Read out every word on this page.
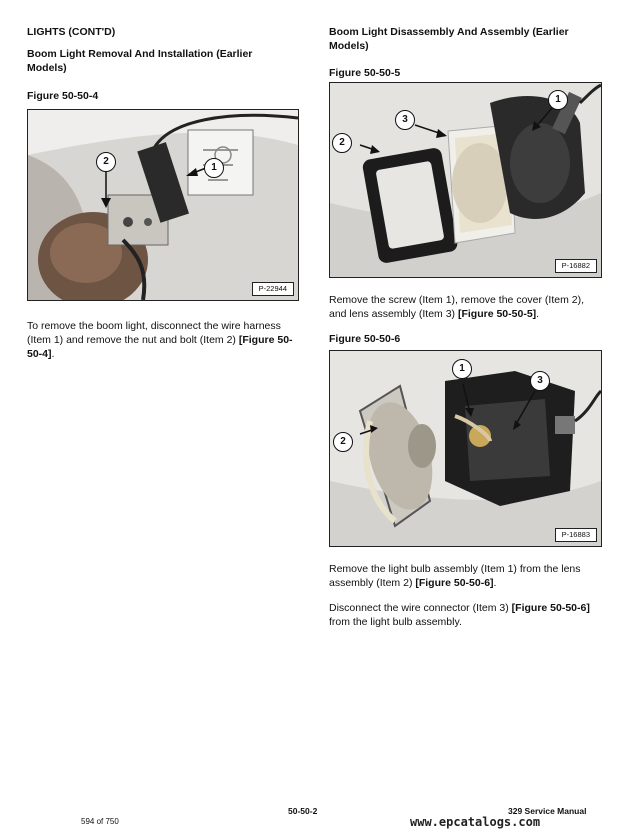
LIGHTS (CONT'D)
Boom Light Removal And Installation (Earlier
Models)
Figure 50-50-4
1
2
P-22944
To remove the boom light, disconnect the wire harness
(Item 1) and remove the nut and bolt (Item 2) [Figure 50-
50-4].
Boom Light Disassembly And Assembly (Earlier
Models)
Figure 50-50-5
1
2
3
P-16882
Remove the screw (Item 1), remove the cover (Item 2),
and lens assembly (Item 3) [Figure 50-50-5].
Figure 50-50-6
1
2
3
P-16883
Remove the light bulb assembly (Item 1) from the lens
assembly (Item 2) [Figure 50-50-6].
Disconnect the wire connector (Item 3) [Figure 50-50-6]
from the light bulb assembly.
50-50-2	329 Service Manual
594 of 750	www.epcatalogs.com
